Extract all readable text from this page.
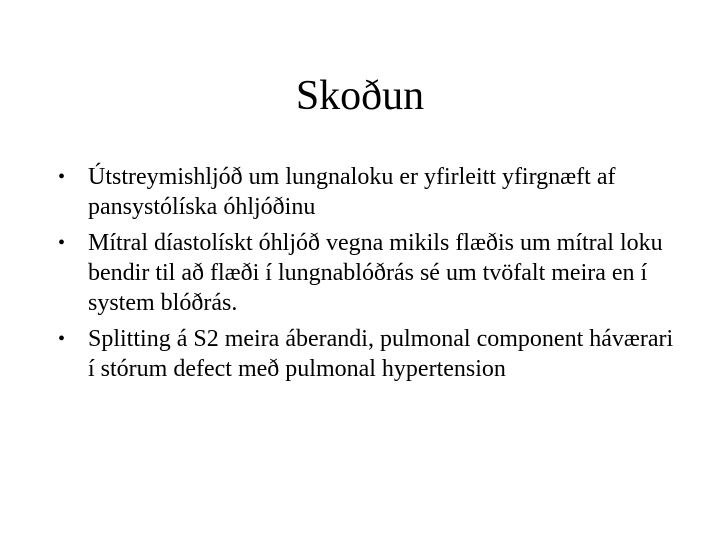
Skoðun
• Útstreymishljóð um lungnaloku er yfirleitt yfirgnæft af pansystólíska óhljóðinu
• Mítral díastolískt óhljóð vegna mikils flæðis um mítral loku bendir til að flæði í lungnablóðrás sé um tvöfalt meira en í system blóðrás.
• Splitting á S2 meira áberandi, pulmonal component háværari í stórum defect með pulmonal hypertension
